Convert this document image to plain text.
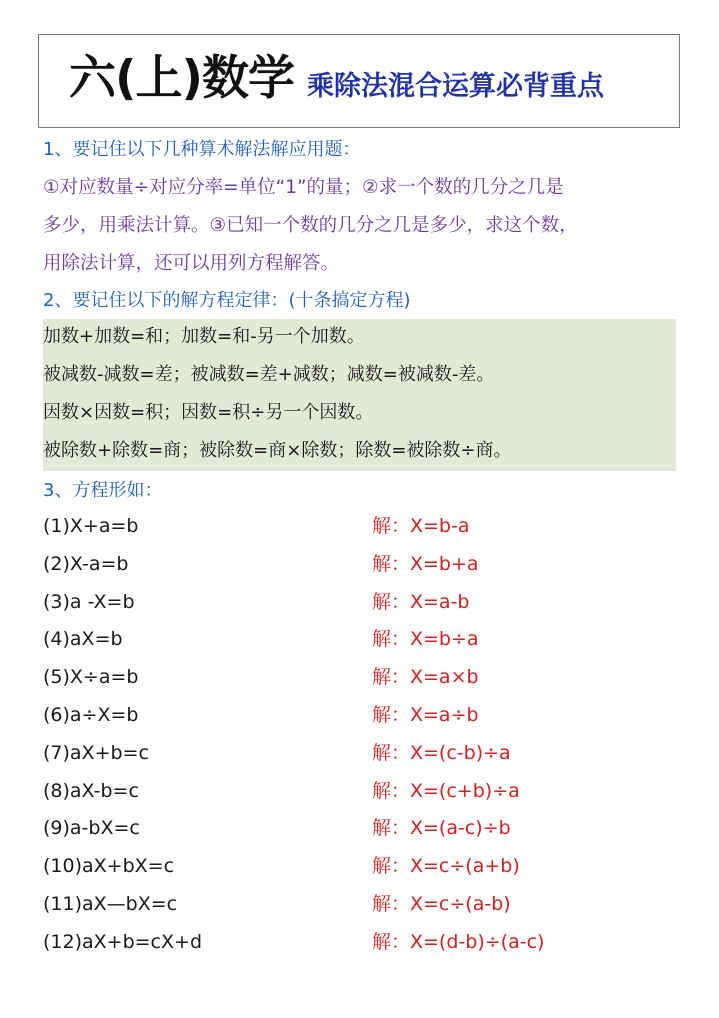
六(上)数学 乘除法混合运算必背重点
1、要记住以下几种算术解法解应用题：
①对应数量÷对应分率=单位“1”的量；②求一个数的几分之几是
多少，用乘法计算。③已知一个数的几分之几是多少，求这个数，
用除法计算，还可以用列方程解答。
2、要记住以下的解方程定律：(十条搞定方程)
加数+加数=和；加数=和-另一个加数。
被减数-减数=差；被减数=差+减数；减数=被减数-差。
因数×因数=积；因数=积÷另一个因数。
被除数+除数=商；被除数=商×除数；除数=被除数÷商。
3、方程形如：
(1)X+a=b	解：X=b-a
(2)X-a=b	解：X=b+a
(3)a -X=b	解：X=a-b
(4)aX=b	解：X=b÷a
(5)X÷a=b	解：X=a×b
(6)a÷X=b	解：X=a÷b
(7)aX+b=c	解：X=(c-b)÷a
(8)aX-b=c	解：X=(c+b)÷a
(9)a-bX=c	解：X=(a-c)÷b
(10)aX+bX=c	解：X=c÷(a+b)
(11)aX—bX=c	解：X=c÷(a-b)
(12)aX+b=cX+d	解：X=(d-b)÷(a-c)
